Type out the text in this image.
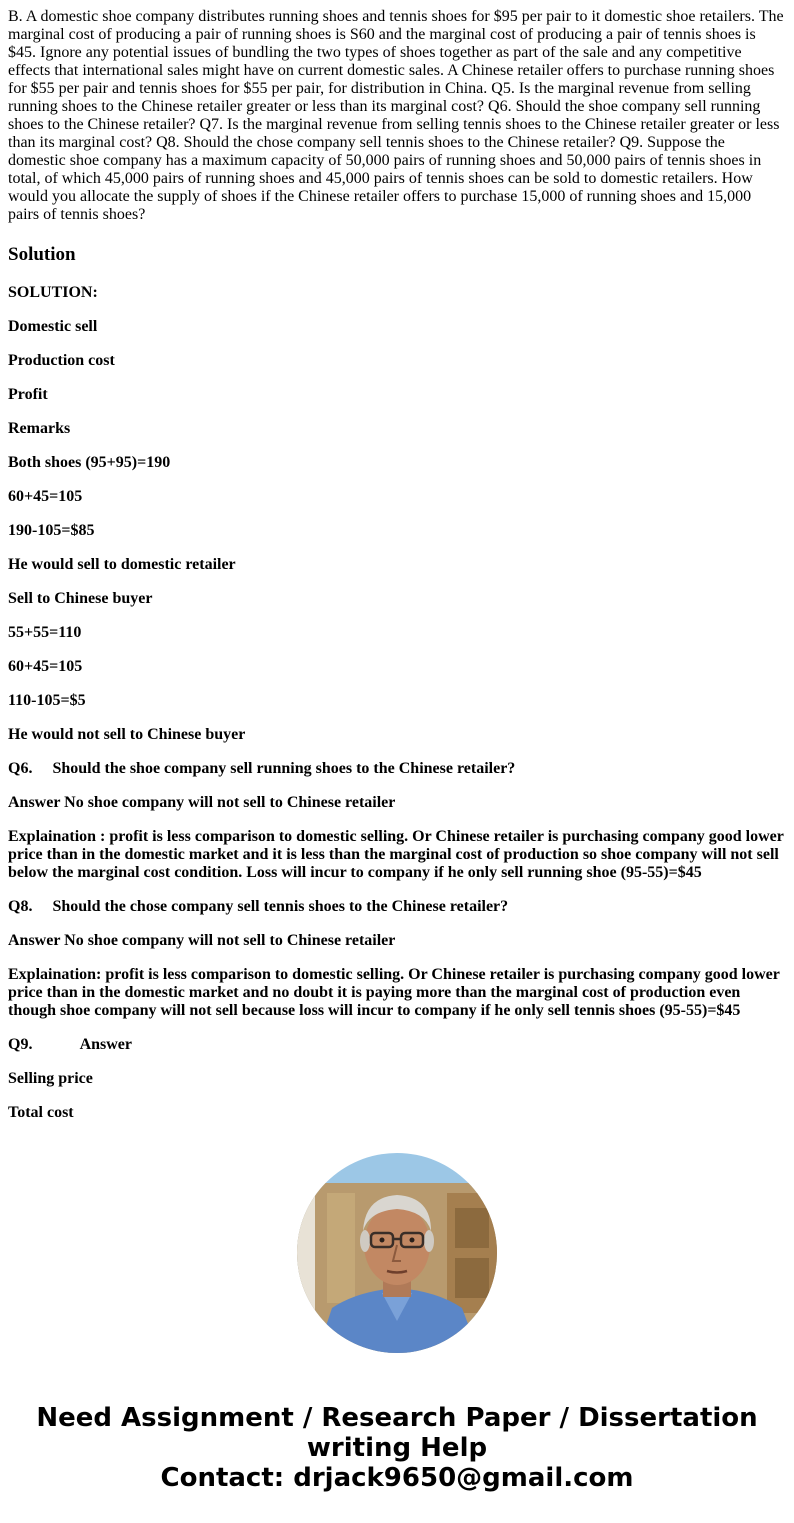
B. A domestic shoe company distributes running shoes and tennis shoes for $95 per pair to it domestic shoe retailers. The marginal cost of producing a pair of running shoes is S60 and the marginal cost of producing a pair of tennis shoes is $45. Ignore any potential issues of bundling the two types of shoes together as part of the sale and any competitive effects that international sales might have on current domestic sales. A Chinese retailer offers to purchase running shoes for $55 per pair and tennis shoes for $55 per pair, for distribution in China. Q5. Is the marginal revenue from selling running shoes to the Chinese retailer greater or less than its marginal cost? Q6. Should the shoe company sell running shoes to the Chinese retailer? Q7. Is the marginal revenue from selling tennis shoes to the Chinese retailer greater or less than its marginal cost? Q8. Should the chose company sell tennis shoes to the Chinese retailer? Q9. Suppose the domestic shoe company has a maximum capacity of 50,000 pairs of running shoes and 50,000 pairs of tennis shoes in total, of which 45,000 pairs of running shoes and 45,000 pairs of tennis shoes can be sold to domestic retailers. How would you allocate the supply of shoes if the Chinese retailer offers to purchase 15,000 of running shoes and 15,000 pairs of tennis shoes?

Solution

SOLUTION:

Domestic sell

Production cost

Profit

Remarks

Both shoes (95+95)=190

60+45=105

190-105=$85

He would sell to domestic retailer

Sell to Chinese buyer

55+55=110

60+45=105

110-105=$5

He would not sell to Chinese buyer

Q6.     Should the shoe company sell running shoes to the Chinese retailer?

Answer No shoe company will not sell to Chinese retailer

Explaination : profit is less comparison to domestic selling. Or Chinese retailer is purchasing company good lower price than in the domestic market and it is less than the marginal cost of production so shoe company will not sell below the marginal cost condition. Loss will incur to company if he only sell running shoe (95-55)=$45

Q8.     Should the chose company sell tennis shoes to the Chinese retailer?

Answer No shoe company will not sell to Chinese retailer

Explaination: profit is less comparison to domestic selling. Or Chinese retailer is purchasing company good lower price than in the domestic market and no doubt it is paying more than the marginal cost of production even though shoe company will not sell because loss will incur to company if he only sell tennis shoes (95-55)=$45

Q9.            Answer

Selling price

Total cost

Need Assignment / Research Paper / Dissertation
writing Help
Contact: drjack9650@gmail.com
